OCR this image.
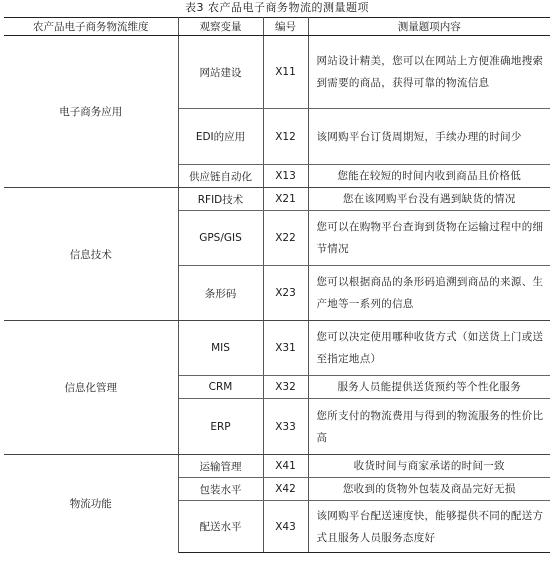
表3 农产品电子商务物流的测量题项
农产品电子商务物流维度	观察变量	编号	测量题项内容
电子商务应用	网站建设	X11	网站设计精美，您可以在网站上方便准确地搜索到需要的商品，获得可靠的物流信息
	EDI的应用	X12	该网购平台订货周期短，手续办理的时间少
	供应链自动化	X13	您能在较短的时间内收到商品且价格低
信息技术	RFID技术	X21	您在该网购平台没有遇到缺货的情况
	GPS/GIS	X22	您可以在购物平台查询到货物在运输过程中的细节情况
	条形码	X23	您可以根据商品的条形码追溯到商品的来源、生产地等一系列的信息
信息化管理	MIS	X31	您可以决定使用哪种收货方式（如送货上门或送至指定地点）
	CRM	X32	服务人员能提供送货预约等个性化服务
	ERP	X33	您所支付的物流费用与得到的物流服务的性价比高
物流功能	运输管理	X41	收货时间与商家承诺的时间一致
	包装水平	X42	您收到的货物外包装及商品完好无损
	配送水平	X43	该网购平台配送速度快，能够提供不同的配送方式且服务人员服务态度好
